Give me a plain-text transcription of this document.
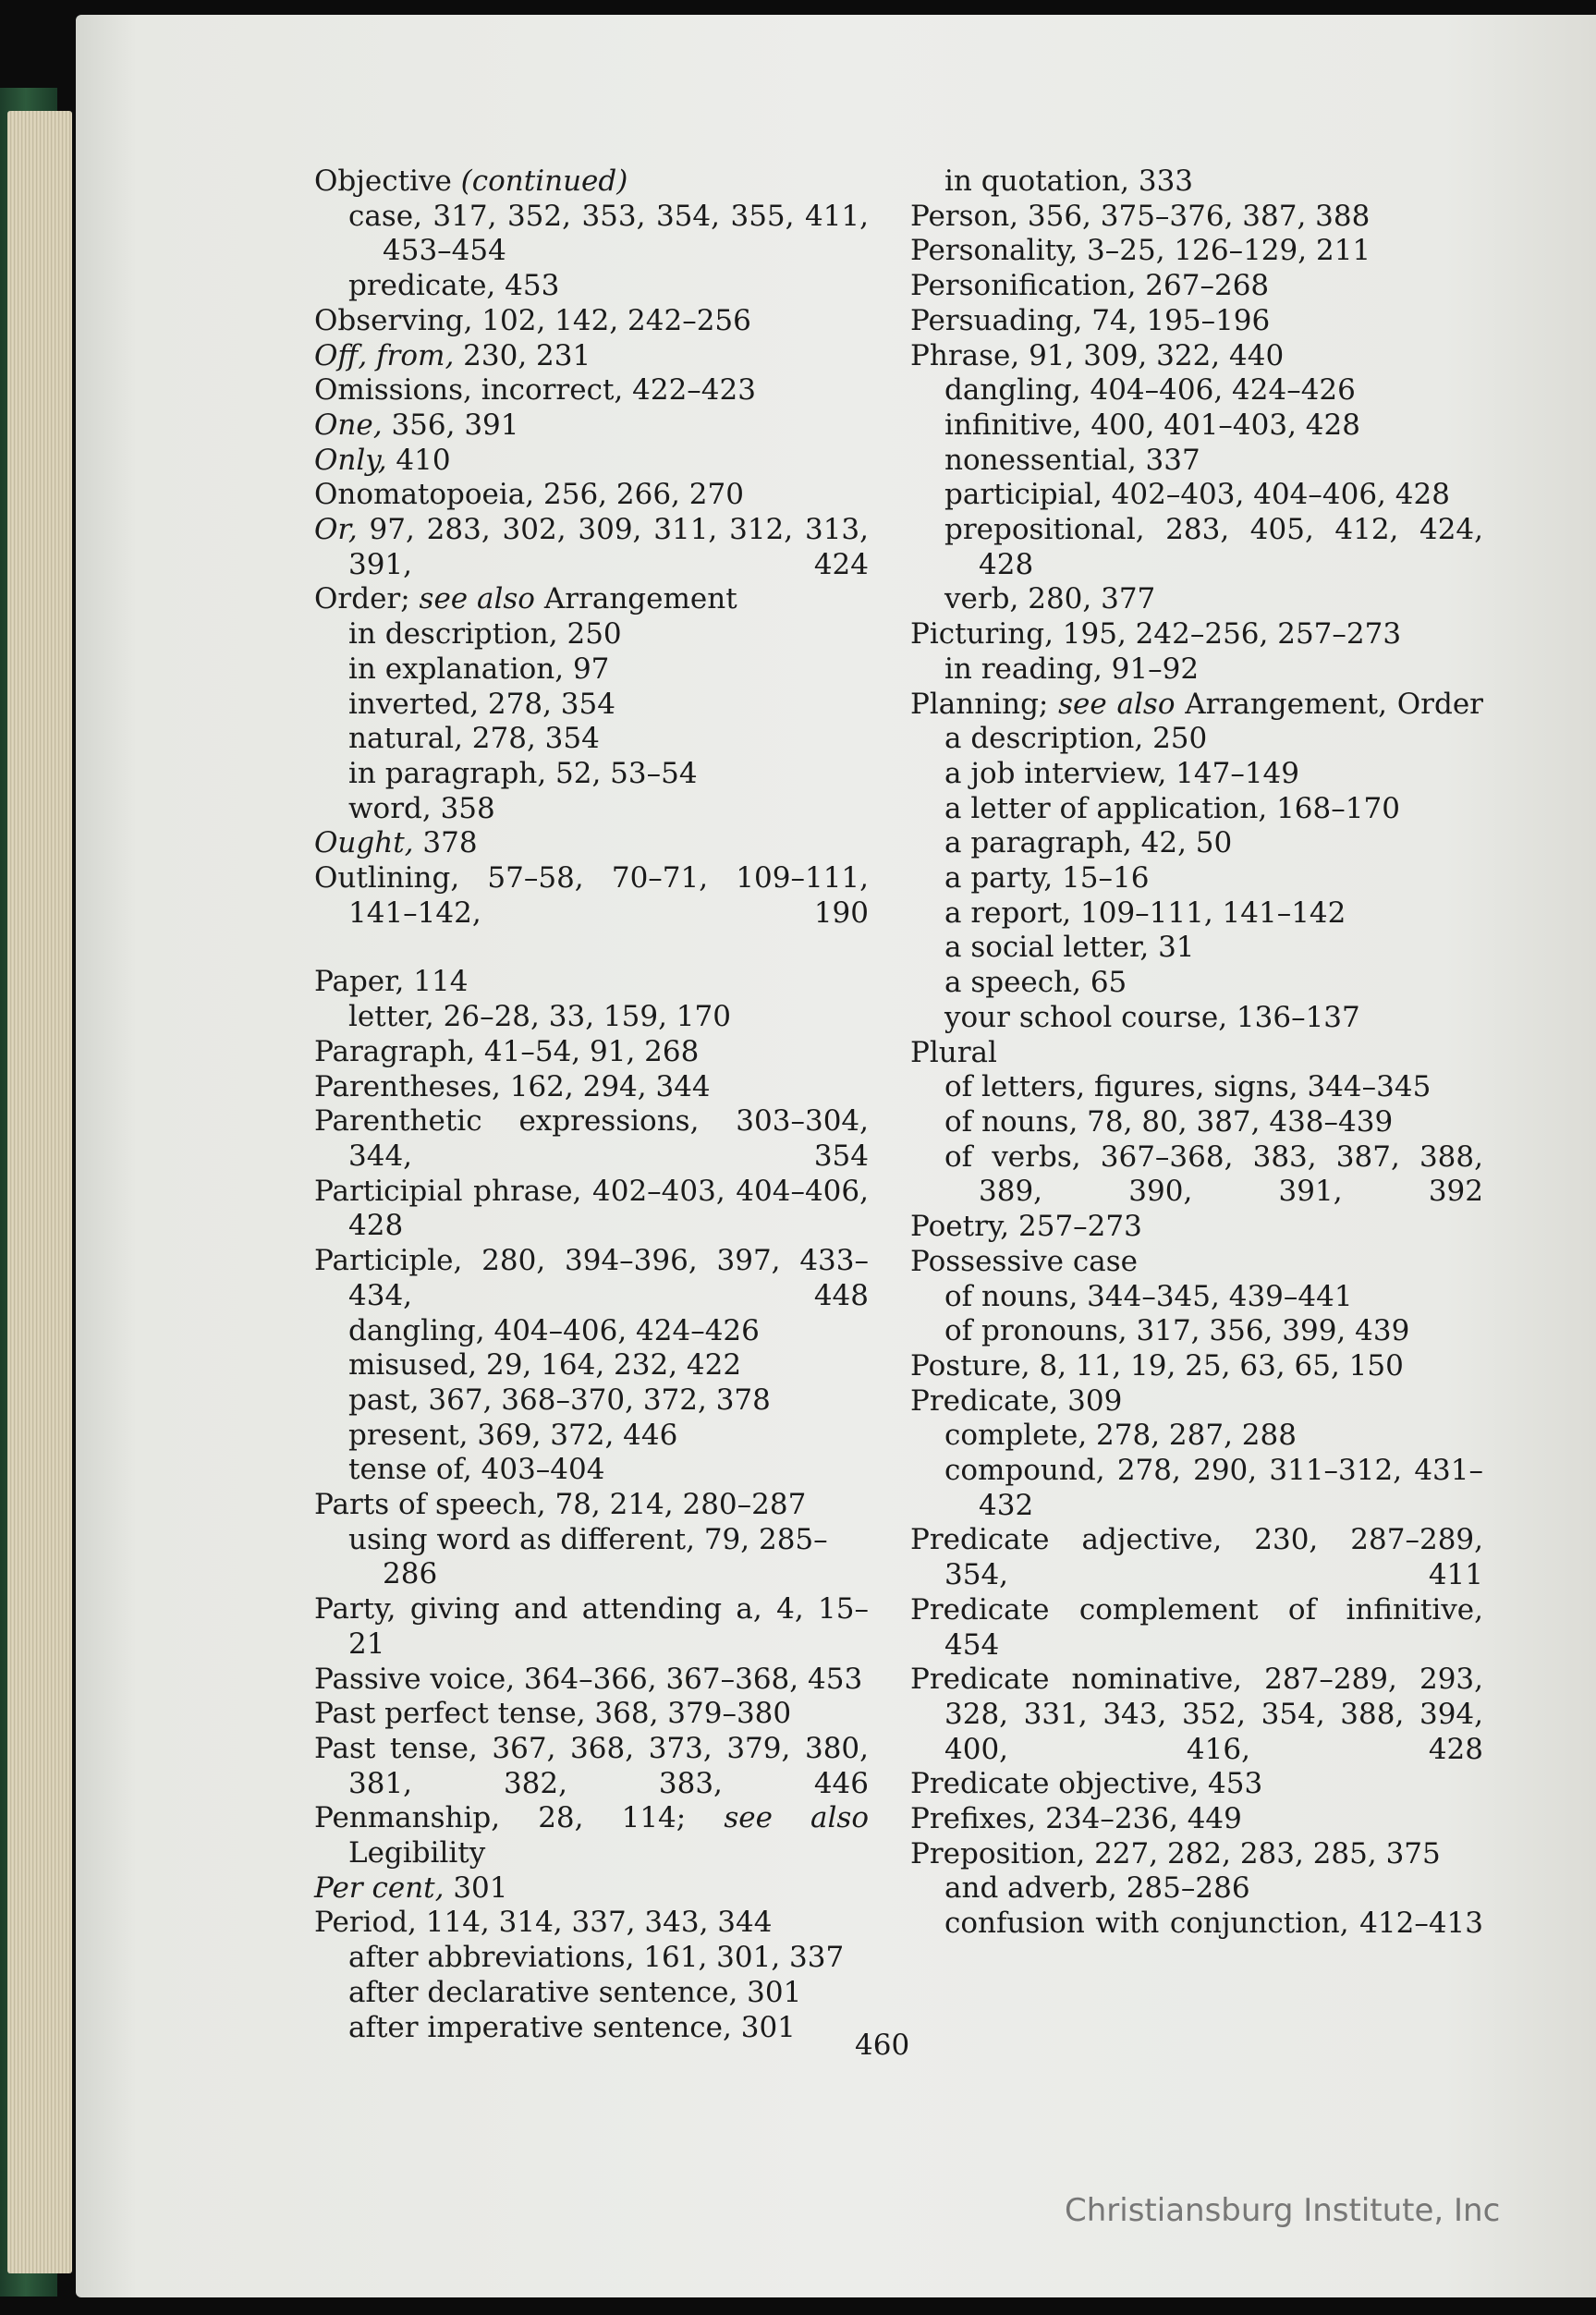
Objective (continued)
case, 317, 352, 353, 354, 355, 411, 453–454
predicate, 453
Observing, 102, 142, 242–256
Off, from, 230, 231
Omissions, incorrect, 422–423
One, 356, 391
Only, 410
Onomatopoeia, 256, 266, 270
Or, 97, 283, 302, 309, 311, 312, 313, 391, 424
Order; see also Arrangement
in description, 250
in explanation, 97
inverted, 278, 354
natural, 278, 354
in paragraph, 52, 53–54
word, 358
Ought, 378
Outlining, 57–58, 70–71, 109–111, 141–142, 190
Paper, 114
letter, 26–28, 33, 159, 170
Paragraph, 41–54, 91, 268
Parentheses, 162, 294, 344
Parenthetic expressions, 303–304, 344, 354
Participial phrase, 402–403, 404–406, 428
Participle, 280, 394–396, 397, 433–434, 448
dangling, 404–406, 424–426
misused, 29, 164, 232, 422
past, 367, 368–370, 372, 378
present, 369, 372, 446
tense of, 403–404
Parts of speech, 78, 214, 280–287
using word as different, 79, 285–286
Party, giving and attending a, 4, 15–21
Passive voice, 364–366, 367–368, 453
Past perfect tense, 368, 379–380
Past tense, 367, 368, 373, 379, 380, 381, 382, 383, 446
Penmanship, 28, 114; see also Legibility
Per cent, 301
Period, 114, 314, 337, 343, 344
after abbreviations, 161, 301, 337
after declarative sentence, 301
after imperative sentence, 301
in quotation, 333
Person, 356, 375–376, 387, 388
Personality, 3–25, 126–129, 211
Personification, 267–268
Persuading, 74, 195–196
Phrase, 91, 309, 322, 440
dangling, 404–406, 424–426
infinitive, 400, 401–403, 428
nonessential, 337
participial, 402–403, 404–406, 428
prepositional, 283, 405, 412, 424, 428
verb, 280, 377
Picturing, 195, 242–256, 257–273
in reading, 91–92
Planning; see also Arrangement, Order
a description, 250
a job interview, 147–149
a letter of application, 168–170
a paragraph, 42, 50
a party, 15–16
a report, 109–111, 141–142
a social letter, 31
a speech, 65
your school course, 136–137
Plural
of letters, figures, signs, 344–345
of nouns, 78, 80, 387, 438–439
of verbs, 367–368, 383, 387, 388, 389, 390, 391, 392
Poetry, 257–273
Possessive case
of nouns, 344–345, 439–441
of pronouns, 317, 356, 399, 439
Posture, 8, 11, 19, 25, 63, 65, 150
Predicate, 309
complete, 278, 287, 288
compound, 278, 290, 311–312, 431–432
Predicate adjective, 230, 287–289, 354, 411
Predicate complement of infinitive, 454
Predicate nominative, 287–289, 293, 328, 331, 343, 352, 354, 388, 394, 400, 416, 428
Predicate objective, 453
Prefixes, 234–236, 449
Preposition, 227, 282, 283, 285, 375
and adverb, 285–286
confusion with conjunction, 412–413
460
Christiansburg Institute, Inc
